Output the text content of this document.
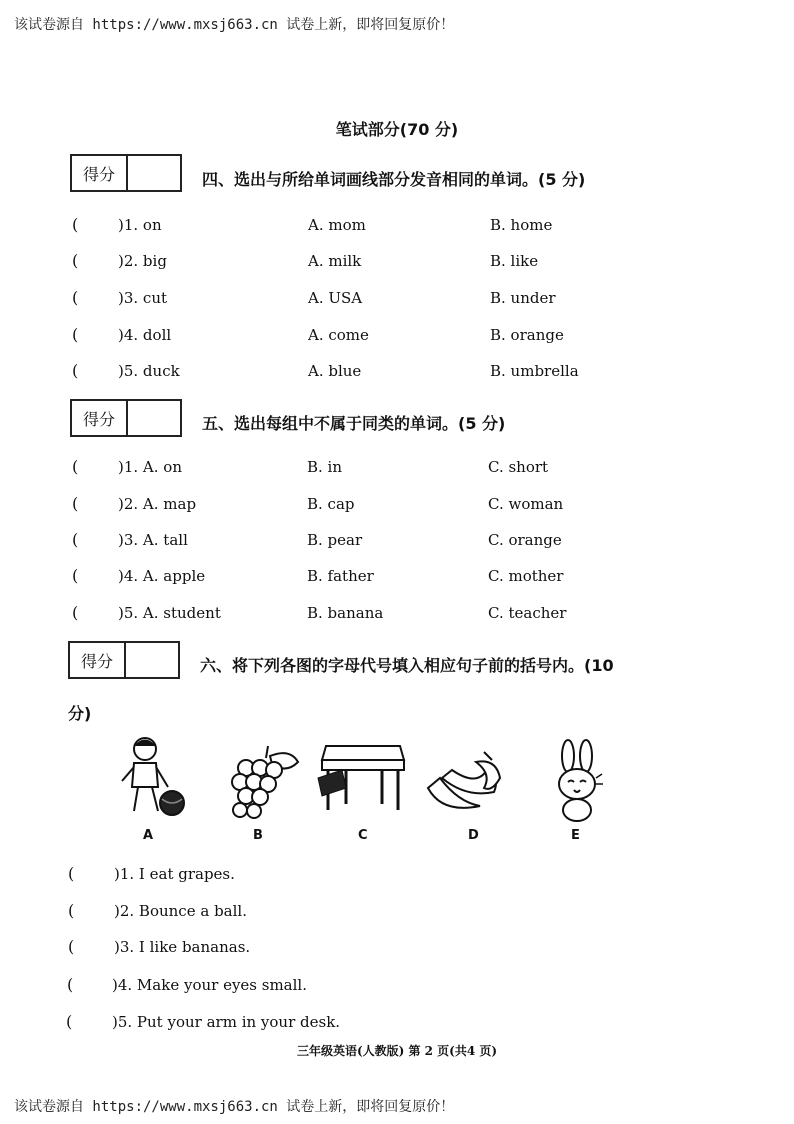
该试卷源自 https://www.mxsj663.cn 试卷上新，即将回复原价！
笔试部分(70 分)
得分	四、选出与所给单词画线部分发音相同的单词。(5 分)
(	)1. on	A. mom	B. home
(	)2. big	A. milk	B. like
(	)3. cut	A. USA	B. under
(	)4. doll	A. come	B. orange
(	)5. duck	A. blue	B. umbrella
得分	五、选出每组中不属于同类的单词。(5 分)
(	)1. A. on	B. in	C. short
(	)2. A. map	B. cap	C. woman
(	)3. A. tall	B. pear	C. orange
(	)4. A. apple	B. father	C. mother
(	)5. A. student	B. banana	C. teacher
得分	六、将下列各图的字母代号填入相应句子前的括号内。(10
分)
A	B	C	D	E
(	)1. I eat grapes.
(	)2. Bounce a ball.
(	)3. I like bananas.
(	)4. Make your eyes small.
(	)5. Put your arm in your desk.
三年级英语(人教版) 第 2 页(共4 页)
该试卷源自 https://www.mxsj663.cn 试卷上新，即将回复原价！
